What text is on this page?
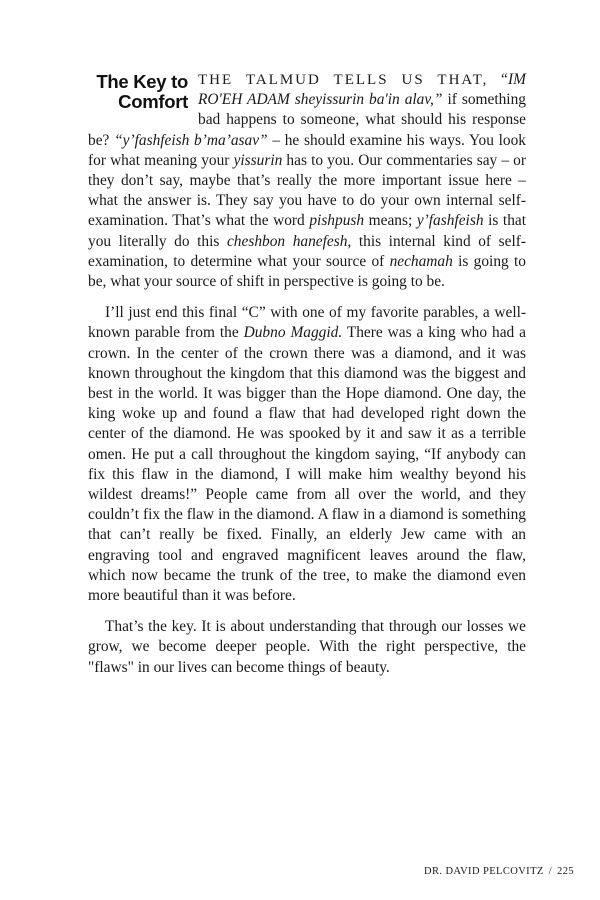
The Key to
Comfort
THE TALMUD TELLS US THAT, “IM RO'EH ADAM sheyissurin ba'in alav,” if something bad happens to someone, what should his response be? “y’fashfeish b’ma’asav” – he should examine his ways. You look for what meaning your yissurin has to you. Our commentaries say – or they don’t say, maybe that’s really the more important issue here – what the answer is. They say you have to do your own internal self-examination. That’s what the word pishpush means; y’fashfeish is that you literally do this cheshbon hanefesh, this internal kind of self-examination, to determine what your source of nechamah is going to be, what your source of shift in perspective is going to be.

I’ll just end this final “C” with one of my favorite parables, a well-known parable from the Dubno Maggid. There was a king who had a crown. In the center of the crown there was a diamond, and it was known throughout the kingdom that this diamond was the biggest and best in the world. It was bigger than the Hope diamond. One day, the king woke up and found a flaw that had developed right down the center of the diamond. He was spooked by it and saw it as a terrible omen. He put a call throughout the kingdom saying, “If anybody can fix this flaw in the diamond, I will make him wealthy beyond his wildest dreams!” People came from all over the world, and they couldn’t fix the flaw in the diamond. A flaw in a diamond is something that can’t really be fixed. Finally, an elderly Jew came with an engraving tool and engraved magnificent leaves around the flaw, which now became the trunk of the tree, to make the diamond even more beautiful than it was before.

That’s the key. It is about understanding that through our losses we grow, we become deeper people. With the right perspective, the "flaws" in our lives can become things of beauty.

DR. DAVID PELCOVITZ / 225
